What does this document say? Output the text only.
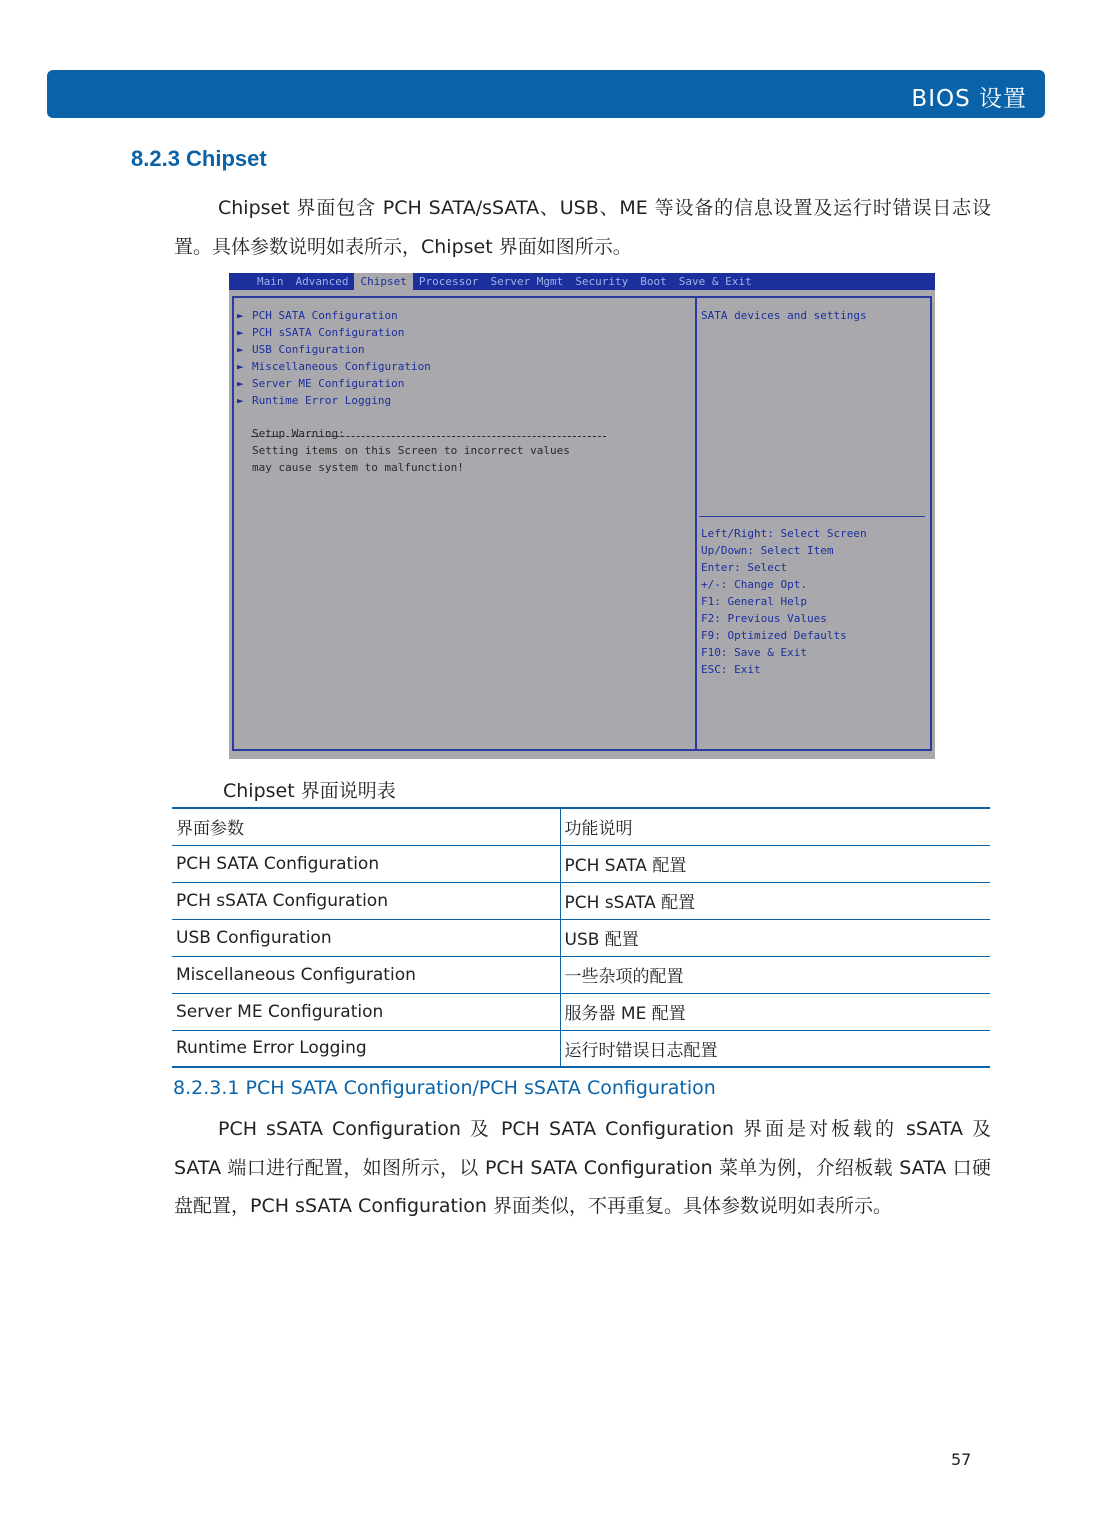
BIOS 设置
8.2.3 Chipset

Chipset 界面包含 PCH SATA/sSATA、USB、ME 等设备的信息设置及运行时错误日志设置。具体参数说明如表所示，Chipset 界面如图所示。

Main	Advanced	Chipset	Processor	Server Mgmt	Security	Boot	Save & Exit
► PCH SATA Configuration
► PCH sSATA Configuration
► USB Configuration
► Miscellaneous Configuration
► Server ME Configuration
► Runtime Error Logging
Setup Warning:
Setting items on this Screen to incorrect values
may cause system to malfunction!
SATA devices and settings
Left/Right: Select Screen
Up/Down: Select Item
Enter: Select
+/-: Change Opt.
F1: General Help
F2: Previous Values
F9: Optimized Defaults
F10: Save & Exit
ESC: Exit
Chipset 界面说明表
界面参数	功能说明
PCH SATA Configuration	PCH SATA 配置
PCH sSATA Configuration	PCH sSATA 配置
USB Configuration	USB 配置
Miscellaneous Configuration	一些杂项的配置
Server ME Configuration	服务器 ME 配置
Runtime Error Logging	运行时错误日志配置
8.2.3.1 PCH SATA Configuration/PCH sSATA Configuration

PCH sSATA Configuration 及 PCH SATA Configuration 界面是对板载的 sSATA 及 SATA 端口进行配置，如图所示，以 PCH SATA Configuration 菜单为例，介绍板载 SATA 口硬盘配置，PCH sSATA Configuration 界面类似，不再重复。具体参数说明如表所示。

57
